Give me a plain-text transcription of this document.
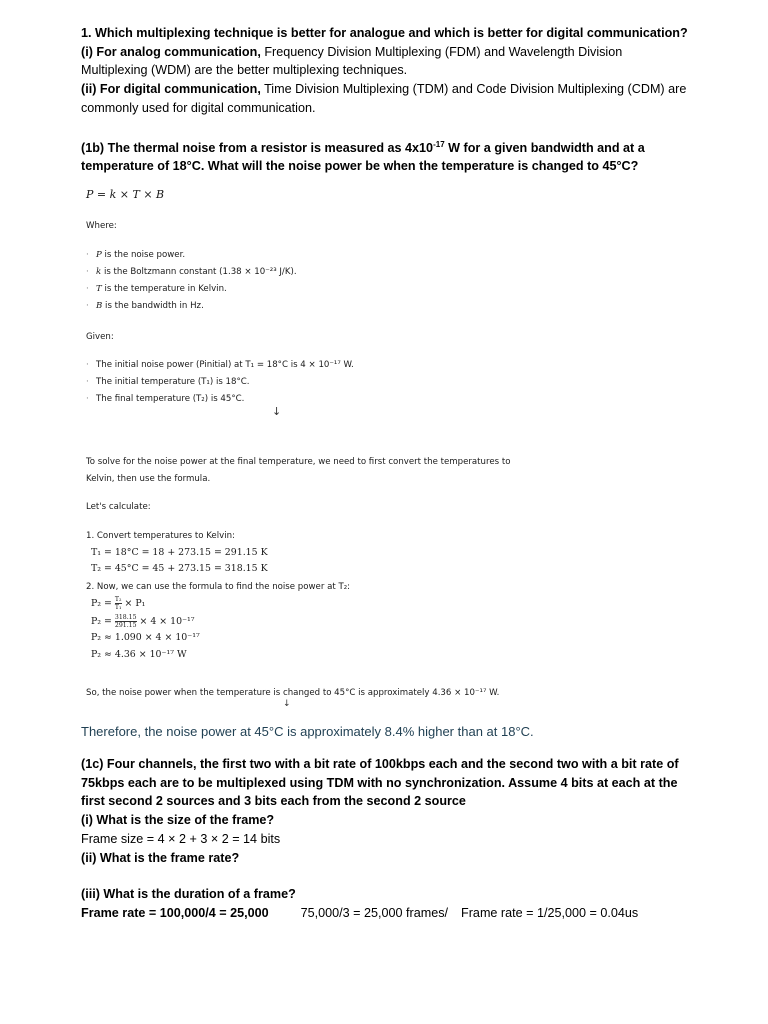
1. Which multiplexing technique is better for analogue and which is better for digital communication?

(i) For analog communication, Frequency Division Multiplexing (FDM) and Wavelength Division Multiplexing (WDM) are the better multiplexing techniques.

(ii) For digital communication, Time Division Multiplexing (TDM) and Code Division Multiplexing (CDM) are commonly used for digital communication.

(1b) The thermal noise from a resistor is measured as $4x10^{-17}$ W for a given bandwidth and at a temperature of 18°C. What will the noise power be when the temperature is changed to 45°C?

P = k × T × B
Where:
· P is the noise power.
· k is the Boltzmann constant (1.38 × 10⁻²³ J/K).
· T is the temperature in Kelvin.
· B is the bandwidth in Hz.
Given:
· The initial noise power (Pinitial) at T₁ = 18°C is 4 × 10⁻¹⁷ W.
· The initial temperature (T₁) is 18°C.
· The final temperature (T₂) is 45°C.
↓
To solve for the noise power at the final temperature, we need to first convert the temperatures to
Kelvin, then use the formula.
Let's calculate:
1. Convert temperatures to Kelvin:
T₁ = 18°C = 18 + 273.15 = 291.15 K
T₂ = 45°C = 45 + 273.15 = 318.15 K
2. Now, we can use the formula to find the noise power at T₂:
$P_2 = \frac{\text{T₂}}{\text{T₁}} \times P_1$
$P_2 = \frac{318.15}{291.15} \times 4 \times 10^{-17}$
P₂ ≈ 1.090 × 4 × 10⁻¹⁷
P₂ ≈ 4.36 × 10⁻¹⁷ W
So, the noise power when the temperature is changed to 45°C is approximately 4.36 × 10⁻¹⁷ W.
↓
Therefore, the noise power at 45°C is approximately 8.4% higher than at 18°C.

(1c) Four channels, the first two with a bit rate of 100kbps each and the second two with a bit rate of 75kbps each are to be multiplexed using TDM with no synchronization. Assume 4 bits at each at the first second 2 sources and 3 bits each from the second 2 source

(i) What is the size of the frame?

Frame size = 4 × 2 + 3 × 2 = 14 bits

(ii) What is the frame rate?

(iii) What is the duration of a frame?

Frame rate = 100,000/4 = 25,000	75,000/3 = 25,000 frames/ Frame rate = 1/25,000 = 0.04us
